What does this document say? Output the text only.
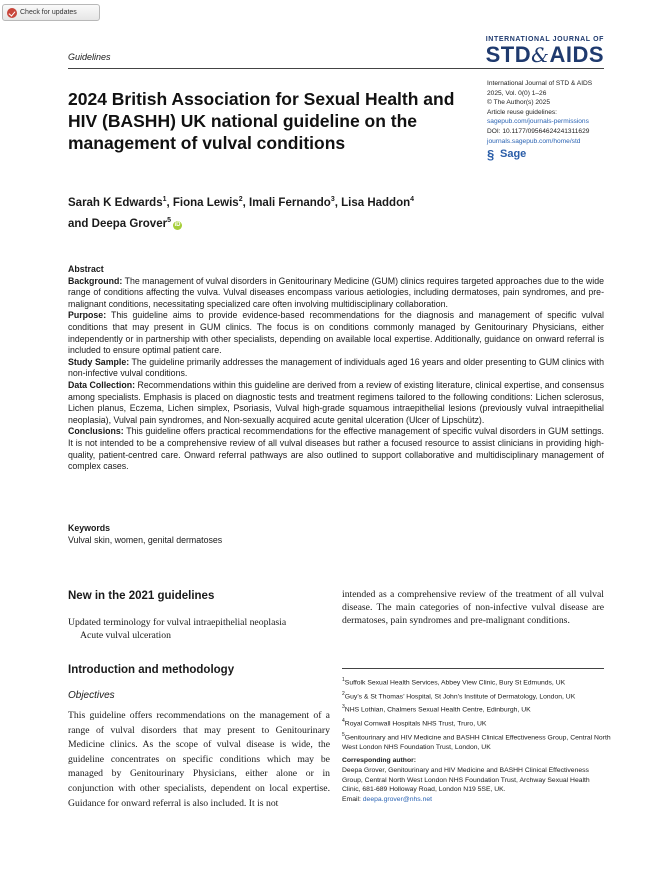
Check for updates
Guidelines
INTERNATIONAL JOURNAL OF
STD&AIDS
2024 British Association for Sexual Health and HIV (BASHH) UK national guideline on the management of vulval conditions
International Journal of STD & AIDS
2025, Vol. 0(0) 1–26
© The Author(s) 2025
Article reuse guidelines:
sagepub.com/journals-permissions
DOI: 10.1177/09564624241311629
journals.sagepub.com/home/std
§ Sage
Sarah K Edwards$^1$, Fiona Lewis$^2$, Imali Fernando$^3$, Lisa Haddon$^4$
and Deepa Grover$^5$iD

Abstract

Background: The management of vulval disorders in Genitourinary Medicine (GUM) clinics requires targeted approaches due to the wide range of conditions affecting the vulva. Vulval diseases encompass various aetiologies, including dermatoses, pain syndromes, and pre-malignant conditions, necessitating specialized care often involving multidisciplinary collaboration.

Purpose: This guideline aims to provide evidence-based recommendations for the diagnosis and management of specific vulval conditions that may present in GUM clinics. The focus is on conditions commonly managed by Genitourinary Physicians, either independently or in partnership with other specialists, depending on available local expertise. Additionally, guidance on onward referral is included to ensure optimal patient care.

Study Sample: The guideline primarily addresses the management of individuals aged 16 years and older presenting to GUM clinics with non-infective vulval conditions.

Data Collection: Recommendations within this guideline are derived from a review of existing literature, clinical expertise, and consensus among specialists. Emphasis is placed on diagnostic tests and treatment regimens tailored to the following conditions: Lichen sclerosus, Lichen planus, Eczema, Lichen simplex, Psoriasis, Vulval high-grade squamous intraepithelial lesions (previously vulval intraepithelial neoplasia), Vulval pain syndromes, and Non-sexually acquired acute genital ulceration (Ulcer of Lipschütz).

Conclusions: This guideline offers practical recommendations for the effective management of specific vulval disorders in GUM settings. It is not intended to be a comprehensive review of all vulval diseases but rather a focused resource to assist clinicians in providing high-quality, patient-centred care. Onward referral pathways are also outlined to support collaborative and multidisciplinary management of complex cases.

Keywords
Vulval skin, women, genital dermatoses
New in the 2021 guidelines
Updated terminology for vulval intraepithelial neoplasia
Acute vulval ulceration
Introduction and methodology
Objectives
This guideline offers recommendations on the management of a range of vulval disorders that may present to Genitourinary Medicine clinics. As the scope of vulval disease is wide, the guideline concentrates on specific conditions which may be managed by Genitourinary Physicians, either alone or in conjunction with other specialists, dependent on local expertise. Guidance for onward referral is also included. It is not
intended as a comprehensive review of the treatment of all vulval disease. The main categories of non-infective vulval disease are dermatoses, pain syndromes and pre-malignant conditions.
$^1$Suffolk Sexual Health Services, Abbey View Clinic, Bury St Edmunds, UK
$^2$Guy’s & St Thomas’ Hospital, St John’s Institute of Dermatology, London, UK
$^3$NHS Lothian, Chalmers Sexual Health Centre, Edinburgh, UK
$^4$Royal Cornwall Hospitals NHS Trust, Truro, UK
$^5$Genitourinary and HIV Medicine and BASHH Clinical Effectiveness Group, Central North West London NHS Foundation Trust, London, UK
Corresponding author:
Deepa Grover, Genitourinary and HIV Medicine and BASHH Clinical Effectiveness Group, Central North West London NHS Foundation Trust, Archway Sexual Health Clinic, 681-689 Holloway Road, London N19 5SE, UK.
Email: deepa.grover@nhs.net
